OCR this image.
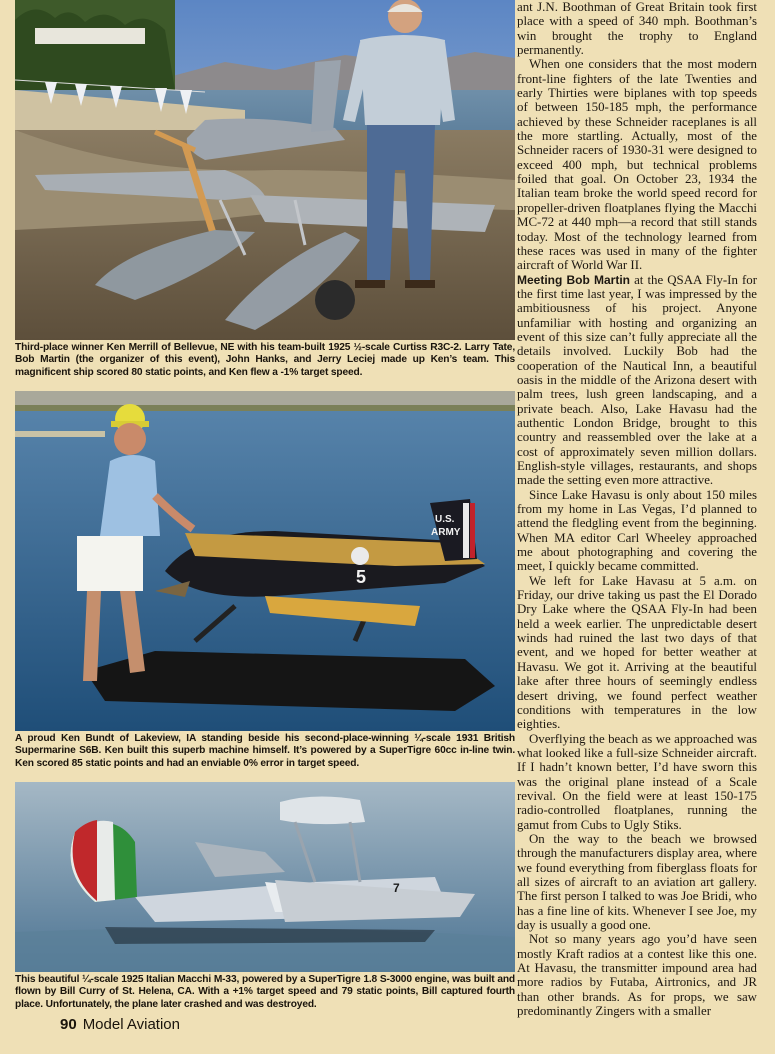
Third-place winner Ken Merrill of Bellevue, NE with his team-built 1925 ½-scale Curtiss R3C-2. Larry Tate, Bob Martin (the organizer of this event), John Hanks, and Jerry Leciej made up Ken’s team. This magnificent ship scored 80 static points, and Ken flew a -1% target speed.

U.S.
ARMY
5

A proud Ken Bundt of Lakeview, IA standing beside his second-place-winning ¼-scale 1931 British Supermarine S6B. Ken built this superb machine himself. It’s powered by a SuperTigre 60cc in-line twin. Ken scored 85 static points and had an enviable 0% error in target speed.

7

This beautiful ¼-scale 1925 Italian Macchi M-33, powered by a SuperTigre 1.8 S-3000 engine, was built and flown by Bill Curry of St. Helena, CA. With a +1% target speed and 79 static points, Bill captured fourth place. Unfortunately, the plane later crashed and was destroyed.

ant J.N. Boothman of Great Britain took first place with a speed of 340 mph. Boothman’s win brought the trophy to England permanently.

When one considers that the most modern front-line fighters of the late Twenties and early Thirties were biplanes with top speeds of between 150-185 mph, the performance achieved by these Schneider raceplanes is all the more startling. Actually, most of the Schneider racers of 1930-31 were designed to exceed 400 mph, but technical problems foiled that goal. On October 23, 1934 the Italian team broke the world speed record for propeller-driven floatplanes flying the Macchi MC-72 at 440 mph—a record that still stands today. Most of the technology learned from these races was used in many of the fighter aircraft of World War II.

Meeting Bob Martin at the QSAA Fly-In for the first time last year, I was impressed by the ambitiousness of his project. Anyone unfamiliar with hosting and organizing an event of this size can’t fully appreciate all the details involved. Luckily Bob had the cooperation of the Nautical Inn, a beautiful oasis in the middle of the Arizona desert with palm trees, lush green landscaping, and a private beach. Also, Lake Havasu had the authentic London Bridge, brought to this country and reassembled over the lake at a cost of approximately seven million dollars. English-style villages, restaurants, and shops made the setting even more attractive.

Since Lake Havasu is only about 150 miles from my home in Las Vegas, I’d planned to attend the fledgling event from the beginning. When MA editor Carl Wheeley approached me about photographing and covering the meet, I quickly became committed.

We left for Lake Havasu at 5 a.m. on Friday, our drive taking us past the El Dorado Dry Lake where the QSAA Fly-In had been held a week earlier. The unpredictable desert winds had ruined the last two days of that event, and we hoped for better weather at Havasu. We got it. Arriving at the beautiful lake after three hours of seemingly endless desert driving, we found perfect weather conditions with temperatures in the low eighties.

Overflying the beach as we approached was what looked like a full-size Schneider aircraft. If I hadn’t known better, I’d have sworn this was the original plane instead of a Scale revival. On the field were at least 150-175 radio-controlled floatplanes, running the gamut from Cubs to Ugly Stiks.

On the way to the beach we browsed through the manufacturers display area, where we found everything from fiberglass floats for all sizes of aircraft to an aviation art gallery. The first person I talked to was Joe Bridi, who has a fine line of kits. Whenever I see Joe, my day is usually a good one.

Not so many years ago you’d have seen mostly Kraft radios at a contest like this one. At Havasu, the transmitter impound area had more radios by Futaba, Airtronics, and JR than other brands. As for props, we saw predominantly Zingers with a smaller

90 Model Aviation
